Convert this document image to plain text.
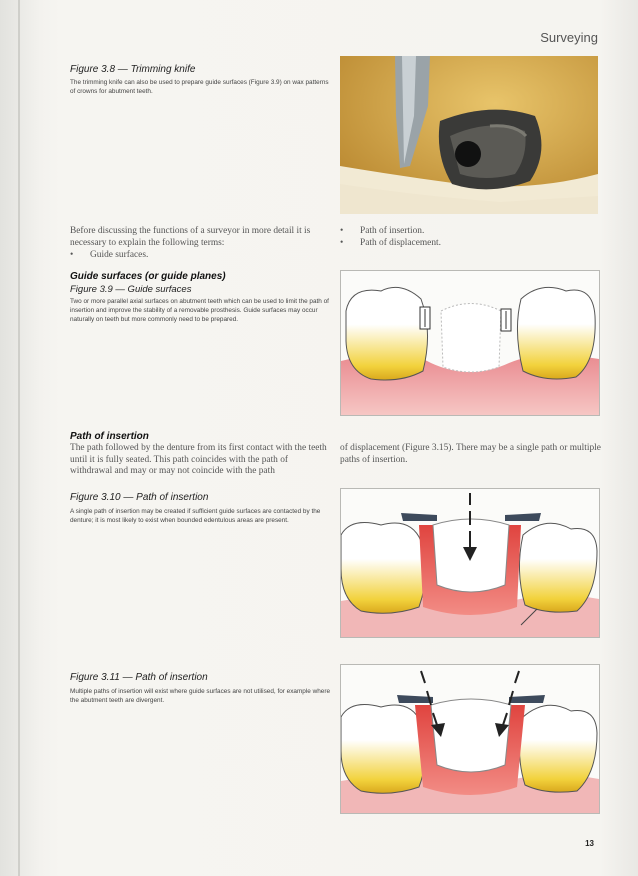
Surveying
Figure 3.8 — Trimming knife
The trimming knife can also be used to prepare guide surfaces (Figure 3.9) on wax patterns of crowns for abutment teeth.
Before discussing the functions of a surveyor in more detail it is necessary to explain the following terms:
•	Guide surfaces.
•	Path of insertion.
•	Path of displacement.
Guide surfaces (or guide planes)
Figure 3.9 — Guide surfaces
Two or more parallel axial surfaces on abutment teeth which can be used to limit the path of insertion and improve the stability of a removable prosthesis. Guide surfaces may occur naturally on teeth but more commonly need to be prepared.
Path of insertion
The path followed by the denture from its first contact with the teeth until it is fully seated. This path coincides with the path of withdrawal and may or may not coincide with the path
of displacement (Figure 3.15). There may be a single path or multiple paths of insertion.
Figure 3.10 — Path of insertion
A single path of insertion may be created if sufficient guide surfaces are contacted by the denture; it is most likely to exist when bounded edentulous areas are present.
Figure 3.11 — Path of insertion
Multiple paths of insertion will exist where guide surfaces are not utilised, for example where the abutment teeth are divergent.
13
